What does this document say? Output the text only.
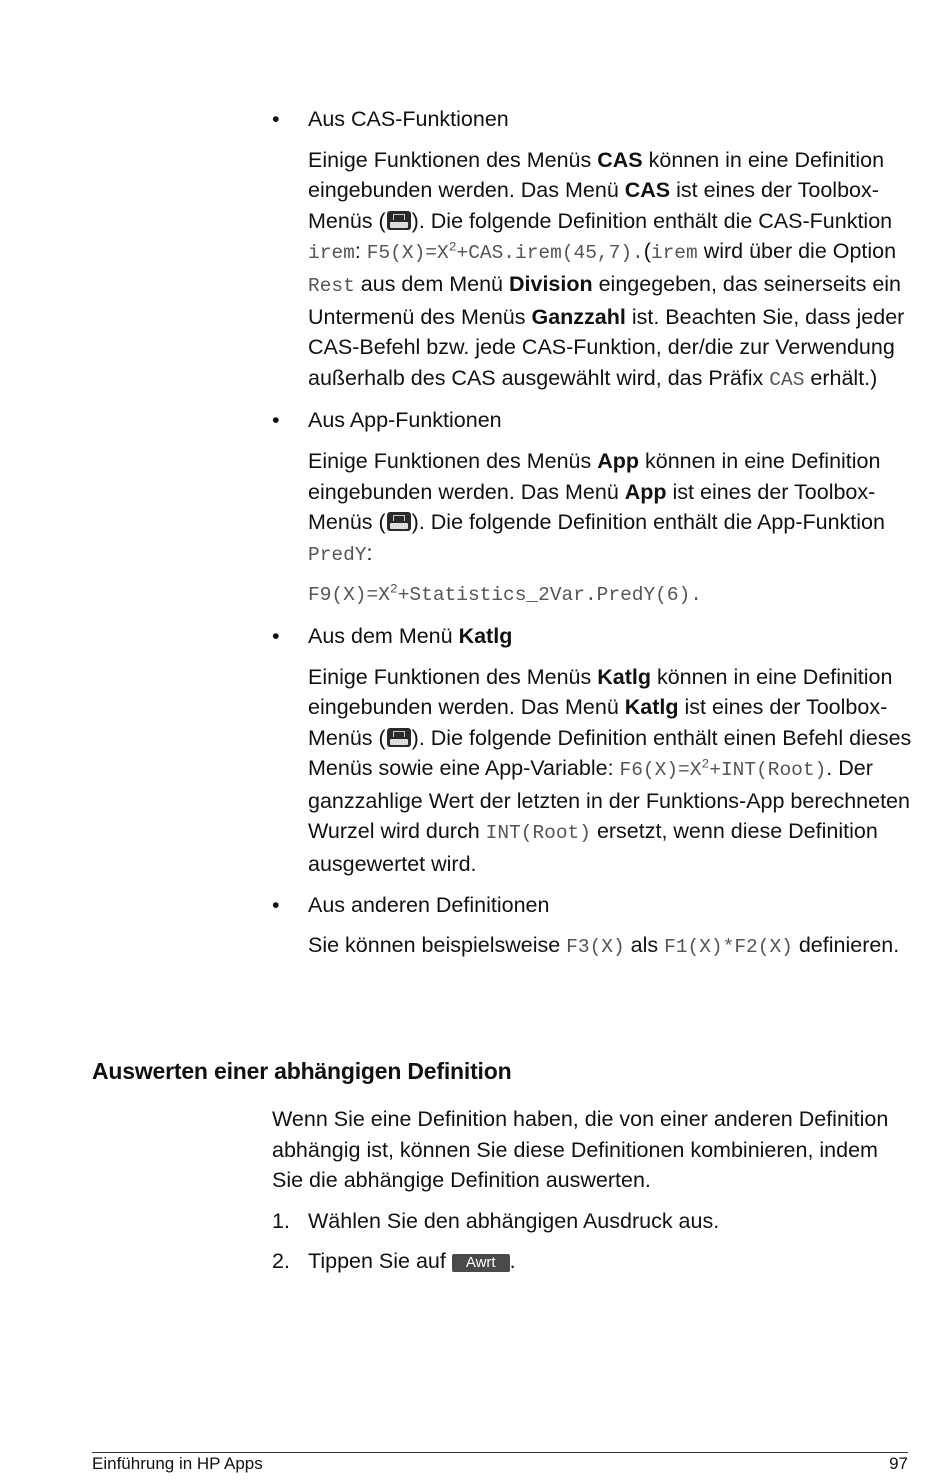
• Aus CAS-Funktionen

Einige Funktionen des Menüs CAS können in eine Definition eingebunden werden. Das Menü CAS ist eines der Toolbox-Menüs ( ). Die folgende Definition enthält die CAS-Funktion irem: $F5(X)=X^2+CAS.irem(45,7).(irem$ wird über die Option Rest aus dem Menü Division eingegeben, das seinerseits ein Untermenü des Menüs Ganzzahl ist. Beachten Sie, dass jeder CAS-Befehl bzw. jede CAS-Funktion, der/die zur Verwendung außerhalb des CAS ausgewählt wird, das Präfix CAS erhält.)

• Aus App-Funktionen

Einige Funktionen des Menüs App können in eine Definition eingebunden werden. Das Menü App ist eines der Toolbox-Menüs ( ). Die folgende Definition enthält die App-Funktion PredY:

$F9(X)=X^2+Statistics\_2Var.PredY(6)$.

• Aus dem Menü Katlg

Einige Funktionen des Menüs Katlg können in eine Definition eingebunden werden. Das Menü Katlg ist eines der Toolbox-Menüs ( ). Die folgende Definition enthält einen Befehl dieses Menüs sowie eine App-Variable: $F6(X)=X^2+INT(Root)$. Der ganzzahlige Wert der letzten in der Funktions-App berechneten Wurzel wird durch INT(Root) ersetzt, wenn diese Definition ausgewertet wird.

• Aus anderen Definitionen

Sie können beispielsweise F3(X) als F1(X)*F2(X) definieren.

Auswerten einer abhängigen Definition

Wenn Sie eine Definition haben, die von einer anderen Definition abhängig ist, können Sie diese Definitionen kombinieren, indem Sie die abhängige Definition auswerten.

1. Wählen Sie den abhängigen Ausdruck aus.
2. Tippen Sie auf Awrt .
Einführung in HP Apps	97
